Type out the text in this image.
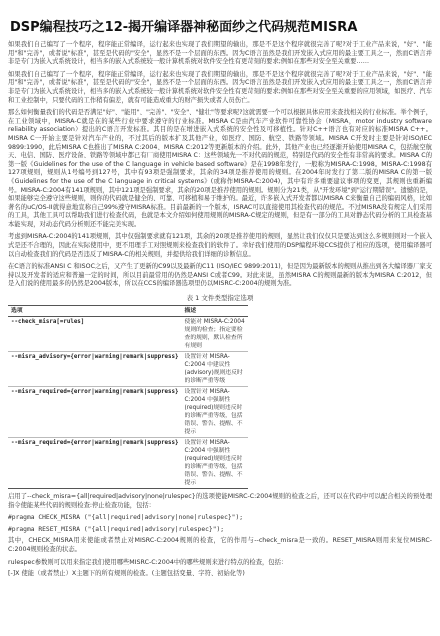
DSP编程技巧之12-揭开编译器神秘面纱之代码规范MISRA

如果我们自己编写了一个程序，程序能正常编译，运行起来也实现了我们期望的输出，那是不是这个程序就很完善了呢?对于工业产品来说，"好"、"能用"和"完善"，或者说"标准"，甚至是代码的"安全"，显然不是一个层面的东西。因为C语言虽然是我们开发嵌入式应用的最主要工具之一，然而C语言并非是专门为嵌入式系统设计，相当多的嵌入式系统较一般计算机系统对软件安全性有更苛刻的要求;例如在那些对安全至关重要……

如果我们自己编写了一个程序，程序能正常编译，运行起来也实现了我们期望的输出，那是不是这个程序就很完善了呢?对于工业产品来说，"好"、"能用"和"完善"，或者说"标准"，甚至是代码的"安全"，显然不是一个层面的东西。因为C语言虽然是我们开发嵌入式应用的最主要工具之一，然而C语言并非是专门为嵌入式系统设计，相当多的嵌入式系统较一般计算机系统对软件安全性有更苛刻的要求;例如在那些对安全至关重要的应用领域，如医疗、汽车和工业控制中，只要代码的工作稍有偏差，就有可能造成重大的财产损失或者人员伤亡。

那么如何衡量我们的代码是否满足"好"、"能用"、"完善"、"安全"、"健壮"等要求呢?这就需要一个可以根据具体应用来查找相关的行业标准。举个例子，在工业领域中，MISRA-C就是在的某些行业中要求遵守的行业标准。MISRA C是由汽车产业软件可靠性协会（MISRA，motor industry software reliability association）提出的C语言开发标准。其目的是在增进嵌入式系统的安全性及可移植性。针对C++语言也有对应的标准MISRA C++。MISRA C一开始主要是针对汽车产业的，不过其后的版本扩及其他产业，如医疗、国防、航空、铁路等领域。MISRA C开发时主要是针对ISO/IEC 9899:1990，此后MISRA C也推出了MISRA C:2004、MISRA C:2012等更新版本的介绍。此外，其他产业也已经逐渐开始使用MISRA C，包括航空航天、电信、国防、医疗设备、铁路等领域中都已有厂商使用MISRA C：这些领域先一不对代码的规范，特别是代码的安全性有非常高的要求。MISRA C的第一版《Guidelines for the use of the C language in vehicle based software》是在1998年发行，一般称为MISRA-C:1998。MISRA-C:1998有127项规则，规则从1号编号到127号，其中有93项是强制要求，其余的34项是推荐使用的规则。在2004年时发行了第二版的MISRA C的第一版《Guidelines for the use of the C language in critical systems》(或称作MISRA-C:2004)，其中有许多重要建议事项的变更，其规则也重新编号。MISRA-C:2004有141项规则，其中121项是强制要求，其余的20项是推荐使用的规则。规则分为21类，从"开发环境"到"运行期错误"。遗憾的是，如果能够完全遵守这些规则，则你的代码就是健全的、可靠、可移植和易于维护的。最近，许多嵌入式开发者都以MISRA C来衡量自己的编码风格，比如著名的uC/OS-II就得意地宣称自己99%遵守MISRA标准。目前最新的一个版本，ISRAC可以直接使用其检查代码的规范。不过MISRA没有规定人们采用的工具，其他工具可以帮助我们进行检查代码，也就是本文介绍如何使用规则的MISRA-C规定的规则，但是有一部分的工具对静态代码分析的工具检查基本能实现，对动态代码分析则还不能完美实现。

考虑到MISRA-C:2004的141项规则，其中仅强制要求就有121项，其余的20项是推荐使用的规则，显然让我们仅仅只是要达到这么多规则则对一个嵌入式是还不合理的，因此在实际使用中，更不用理手工对照规则来检查我们的软件了。幸好我们使用的DSP编程环境CCS提供了相应的选项，使用编译器可以自动检查我们的代码是否违反了MISRA-C的相关规则，并提供给我们详细的诊断信息。

在C语言的标准ANSI C 和ISOC之后，又产生了更新的C99以及最新的C11 (ISO/IEC 9899:2011)，但是因为最新版本的规则从推出到各大编译器厂家支持以及开发者的适应和普遍一定的时间，所以目前最常用的仍然是ANSI C或者C99。对此来说，虽然MISRA C的规则最新的版本为MISRA C:2012，但是入们说的使用最多的仍然是2004版本，所以在CCS的编译器选项里仍以MISRC-C:2004的规则为准。

表 1 文件类型指定选项
选项	描述
--check_misra[=rules]	使能对 MISRA-C:2004 规则的检查；指定要检查的规则，默认检查所有规则
--misra_advisory={error|warning|remark|suppress}	设置针对 MISRA-C:2004 中建议性(advisory)规则违反时的诊断严重等级
--misra_required={error|warning|remark|suppress}	设置针对 MISRA-C:2004 中强制性(required)规则违反时的诊断严重等级，包括错误、警告、提醒、不提示
--misra_required={error|warning|remark|suppress}	设置针对 MISRA-C:2004 中强制性(required)规则违反时的诊断严重等级，包括错误、警告、提醒、不提示

启用了--check_misra={all|required|advisory|none|rulespec}的选项使能MISRC-C:2004规则的检查之后，还可以在代码中可以配合相关的预处理指令使能某些代码的规则检查:停止检查功能，包括：

#pragma CHECK_MISRA ("{all|required|advisory|none|rulespec}");

#pragma RESET_MISRA ("{all|required|advisory|rulespec}");

其中，CHECK_MISRA用来使能或者禁止对MISRC-C:2004规则的检查，它的作用与--check_misra是一致的。RESET_MISRA则用来复位MISRC-C:2004规则检查的状态。

rulespec参数则可以用来指定我们使用哪些MISRC-C:2004中的哪些规则来进行特点的检查，包括：

[-]X 使能（或者禁止）X主题下的所有规则的检查。(主题包括变量、字符、初始化等)
